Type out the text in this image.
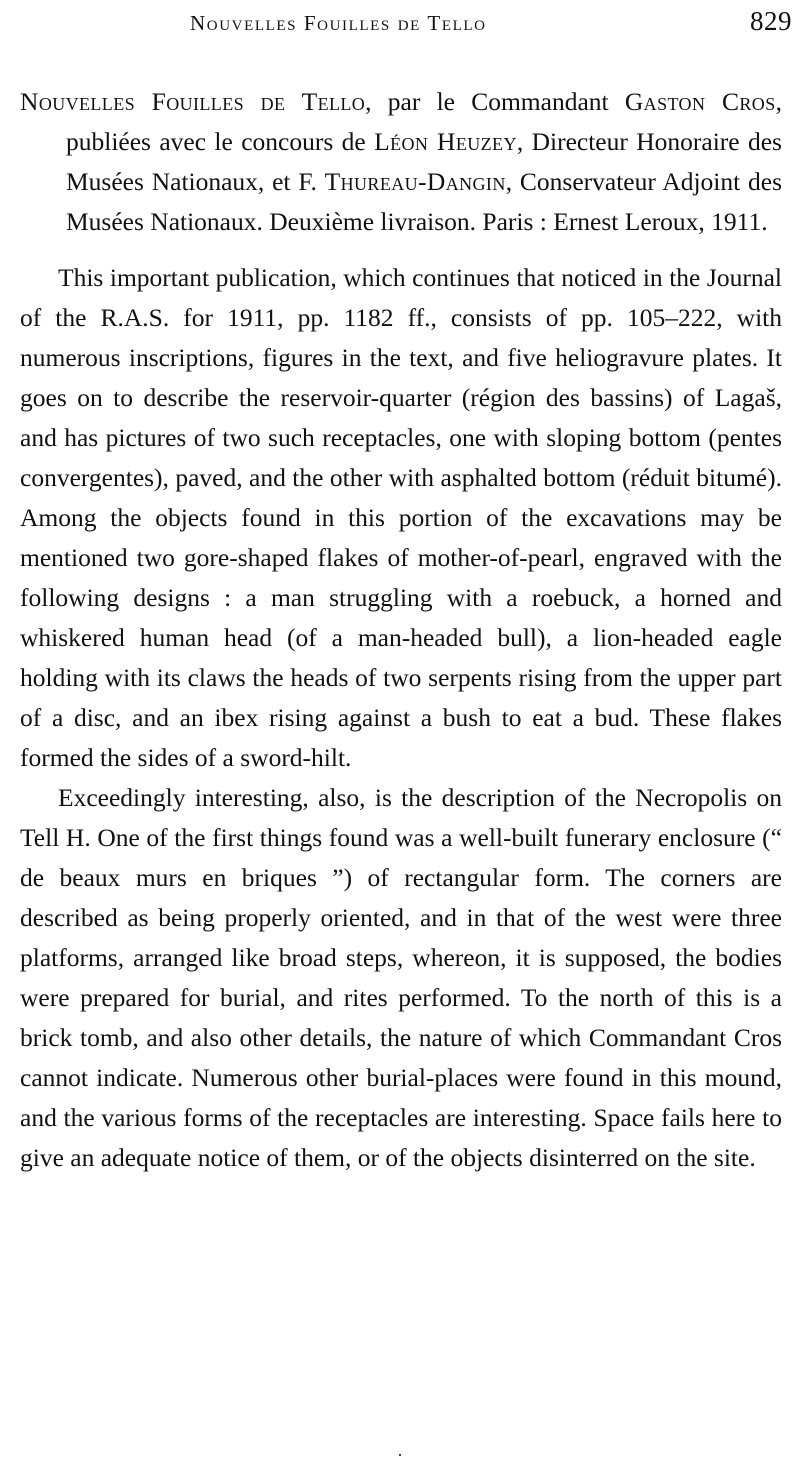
Nouvelles Fouilles de Tello	829

Nouvelles Fouilles de Tello, par le Commandant Gaston Cros, publiées avec le concours de Léon Heuzey, Directeur Honoraire des Musées Nationaux, et F. Thureau-Dangin, Conservateur Adjoint des Musées Nationaux. Deuxième livraison. Paris : Ernest Leroux, 1911.

This important publication, which continues that noticed in the Journal of the R.A.S. for 1911, pp. 1182 ff., consists of pp. 105–222, with numerous inscriptions, figures in the text, and five heliogravure plates. It goes on to describe the reservoir-quarter (région des bassins) of Lagaš, and has pictures of two such receptacles, one with sloping bottom (pentes convergentes), paved, and the other with asphalted bottom (réduit bitumé). Among the objects found in this portion of the excavations may be mentioned two gore-shaped flakes of mother-of-pearl, engraved with the following designs : a man struggling with a roebuck, a horned and whiskered human head (of a man-headed bull), a lion-headed eagle holding with its claws the heads of two serpents rising from the upper part of a disc, and an ibex rising against a bush to eat a bud. These flakes formed the sides of a sword-hilt.

Exceedingly interesting, also, is the description of the Necropolis on Tell H. One of the first things found was a well-built funerary enclosure (“ de beaux murs en briques ”) of rectangular form. The corners are described as being properly oriented, and in that of the west were three platforms, arranged like broad steps, whereon, it is supposed, the bodies were prepared for burial, and rites performed. To the north of this is a brick tomb, and also other details, the nature of which Commandant Cros cannot indicate. Numerous other burial-places were found in this mound, and the various forms of the receptacles are interesting. Space fails here to give an adequate notice of them, or of the objects disinterred on the site.

·
